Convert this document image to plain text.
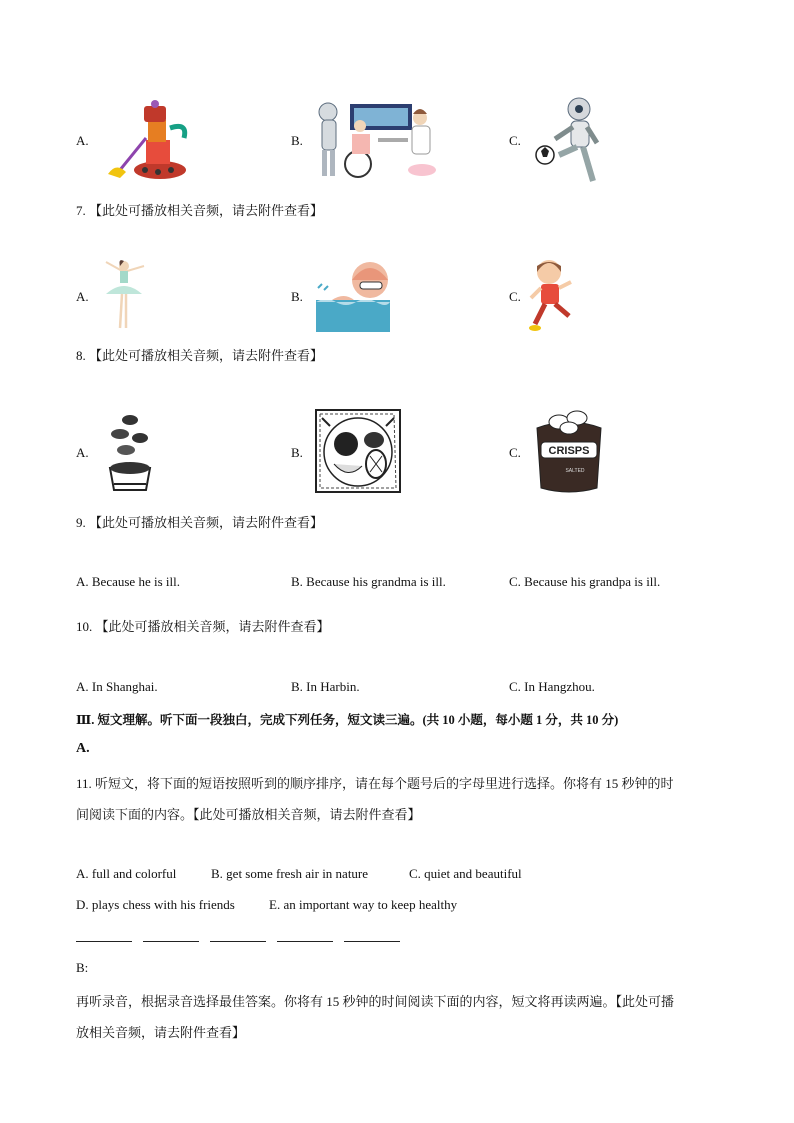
A.	B.	C.
7. 【此处可播放相关音频，请去附件查看】
A.	B.	C.
8. 【此处可播放相关音频，请去附件查看】
A.	B.	C.	CRISPS
SALTED
9. 【此处可播放相关音频，请去附件查看】
A. Because he is ill.	B. Because his grandma is ill.	C. Because his grandpa is ill.
10. 【此处可播放相关音频，请去附件查看】
A. In Shanghai.	B. In Harbin.	C. In Hangzhou.
Ⅲ. 短文理解。听下面一段独白，完成下列任务，短文读三遍。(共 10 小题，每小题 1 分，共 10 分)
A.
11. 听短文，将下面的短语按照听到的顺序排序，请在每个题号后的字母里进行选择。你将有 15 秒钟的时
间阅读下面的内容。【此处可播放相关音频，请去附件查看】
A. full and colorful	B. get some fresh air in nature	C. quiet and beautiful
D. plays chess with his friends	E. an important way to keep healthy
B:
再听录音，根据录音选择最佳答案。你将有 15 秒钟的时间阅读下面的内容，短文将再读两遍。【此处可播
放相关音频，请去附件查看】
